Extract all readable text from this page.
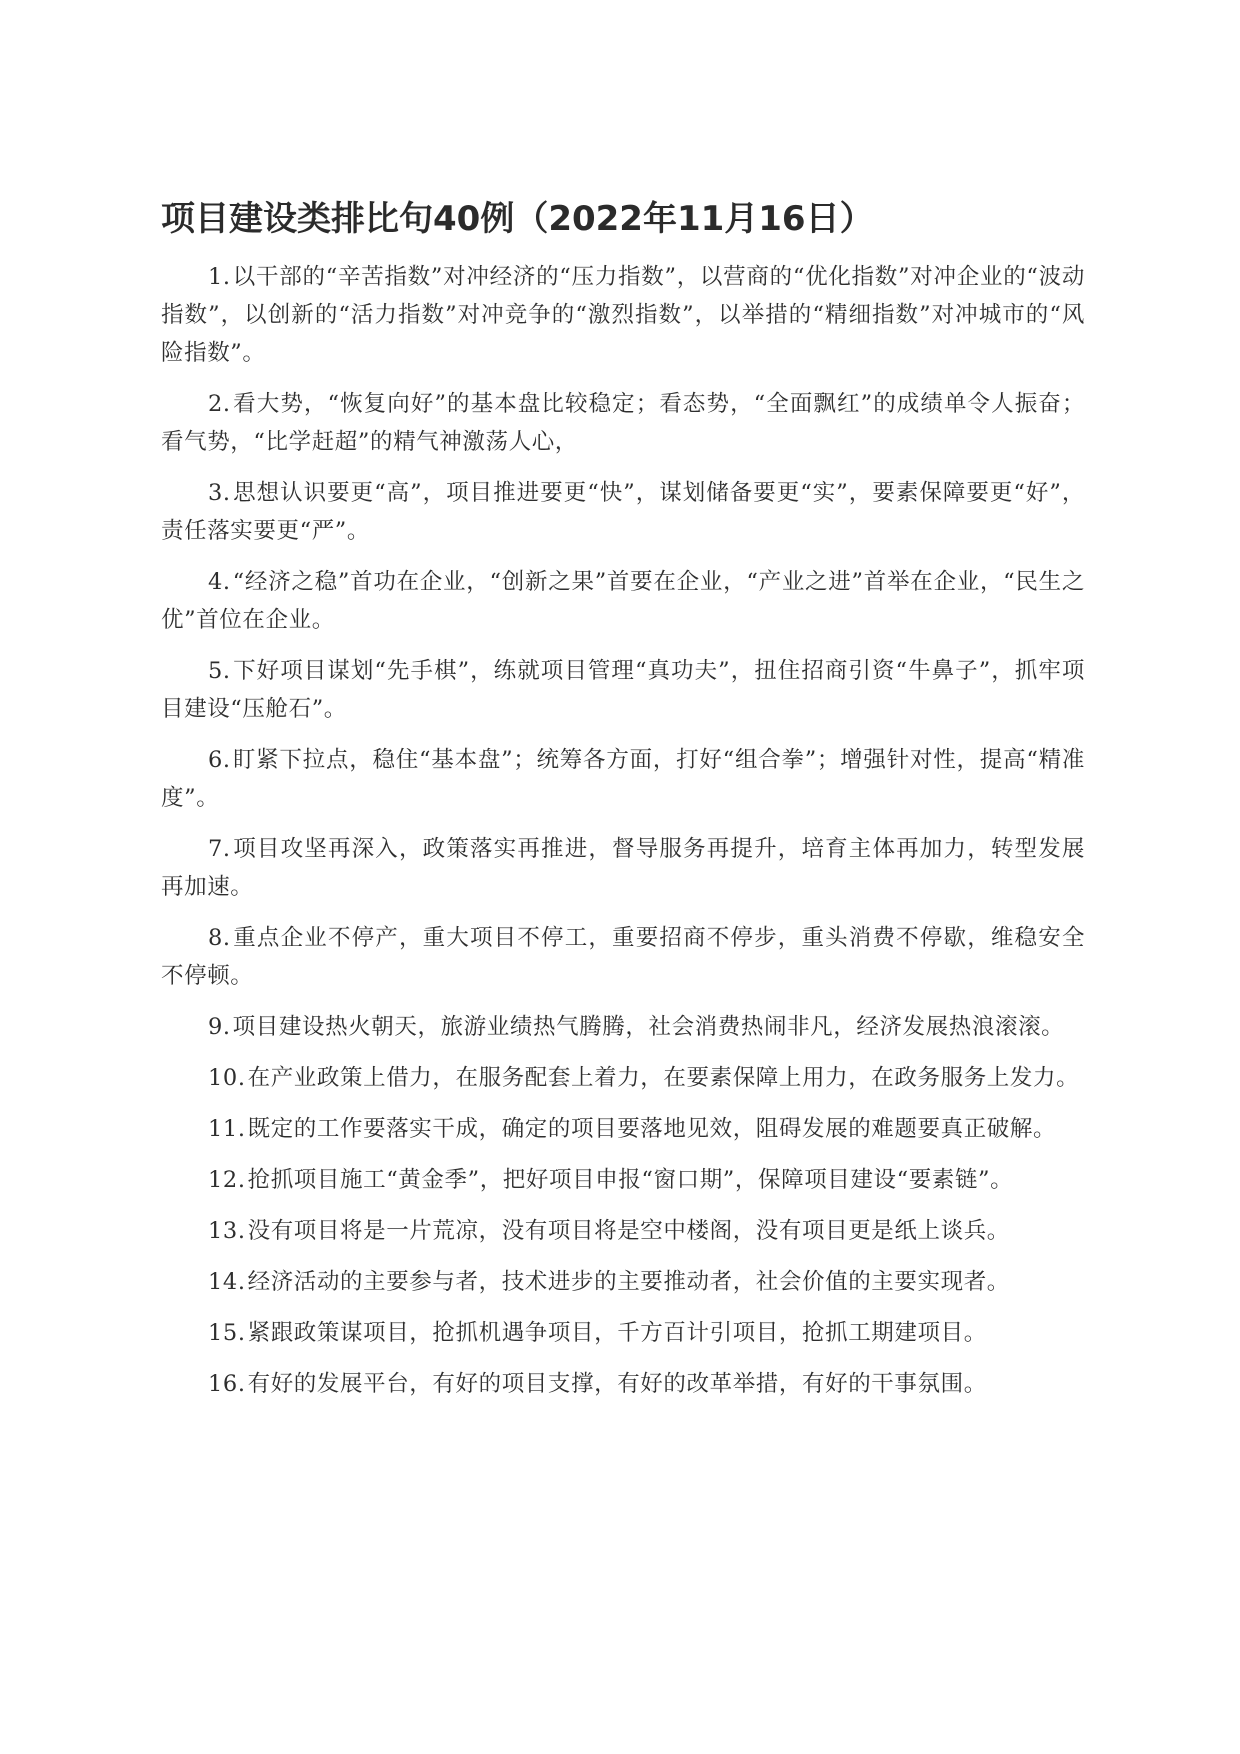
项目建设类排比句40例（2022年11月16日）

1.以干部的“辛苦指数”对冲经济的“压力指数”，以营商的“优化指数”对冲企业的“波动指数”，以创新的“活力指数”对冲竞争的“激烈指数”，以举措的“精细指数”对冲城市的“风险指数”。

2.看大势，“恢复向好”的基本盘比较稳定；看态势，“全面飘红”的成绩单令人振奋；看气势，“比学赶超”的精气神激荡人心，

3.思想认识要更“高”，项目推进要更“快”，谋划储备要更“实”，要素保障要更“好”，责任落实要更“严”。

4.“经济之稳”首功在企业，“创新之果”首要在企业，“产业之进”首举在企业，“民生之优”首位在企业。

5.下好项目谋划“先手棋”，练就项目管理“真功夫”，扭住招商引资“牛鼻子”，抓牢项目建设“压舱石”。

6.盯紧下拉点，稳住“基本盘”；统筹各方面，打好“组合拳”；增强针对性，提高“精准度”。

7.项目攻坚再深入，政策落实再推进，督导服务再提升，培育主体再加力，转型发展再加速。

8.重点企业不停产，重大项目不停工，重要招商不停步，重头消费不停歇，维稳安全不停顿。

9.项目建设热火朝天，旅游业绩热气腾腾，社会消费热闹非凡，经济发展热浪滚滚。

10.在产业政策上借力，在服务配套上着力，在要素保障上用力，在政务服务上发力。

11.既定的工作要落实干成，确定的项目要落地见效，阻碍发展的难题要真正破解。

12.抢抓项目施工“黄金季”，把好项目申报“窗口期”，保障项目建设“要素链”。

13.没有项目将是一片荒凉，没有项目将是空中楼阁，没有项目更是纸上谈兵。

14.经济活动的主要参与者，技术进步的主要推动者，社会价值的主要实现者。

15.紧跟政策谋项目，抢抓机遇争项目，千方百计引项目，抢抓工期建项目。

16.有好的发展平台，有好的项目支撑，有好的改革举措，有好的干事氛围。
